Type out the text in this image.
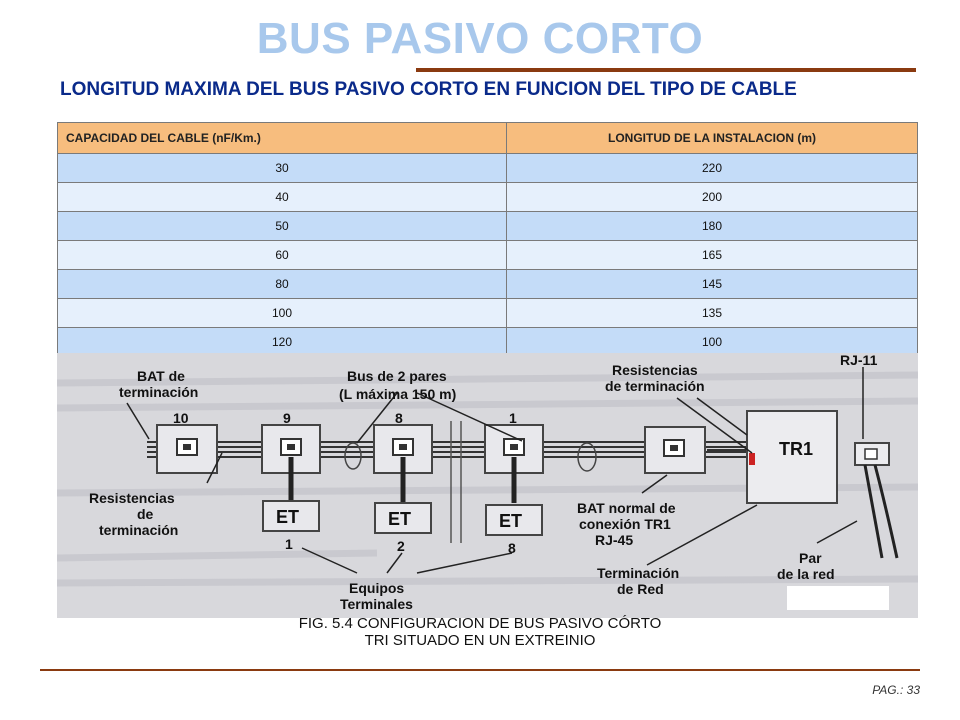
BUS PASIVO CORTO
LONGITUD MAXIMA DEL BUS PASIVO CORTO EN FUNCION DEL TIPO DE CABLE
CAPACIDAD DEL CABLE (nF/Km.)	LONGITUD DE LA INSTALACION (m)
30	220
40	200
50	180
60	165
80	145
100	135
120	100
TR1
ET	ET	ET
BAT de terminación
10	9	8	1
Bus de 2 pares (L máxima 150 m)
Resistencias de terminación
RJ-11
Resistencias de terminación
1	2	8
BAT normal de conexión TR1 RJ-45
Equipos Terminales
Terminación de Red
Par de la red
FIG. 5.4 CONFIGURACION DE BUS PASIVO CÓRTO
TRI SITUADO EN UN EXTREINIO
PAG.: 33
